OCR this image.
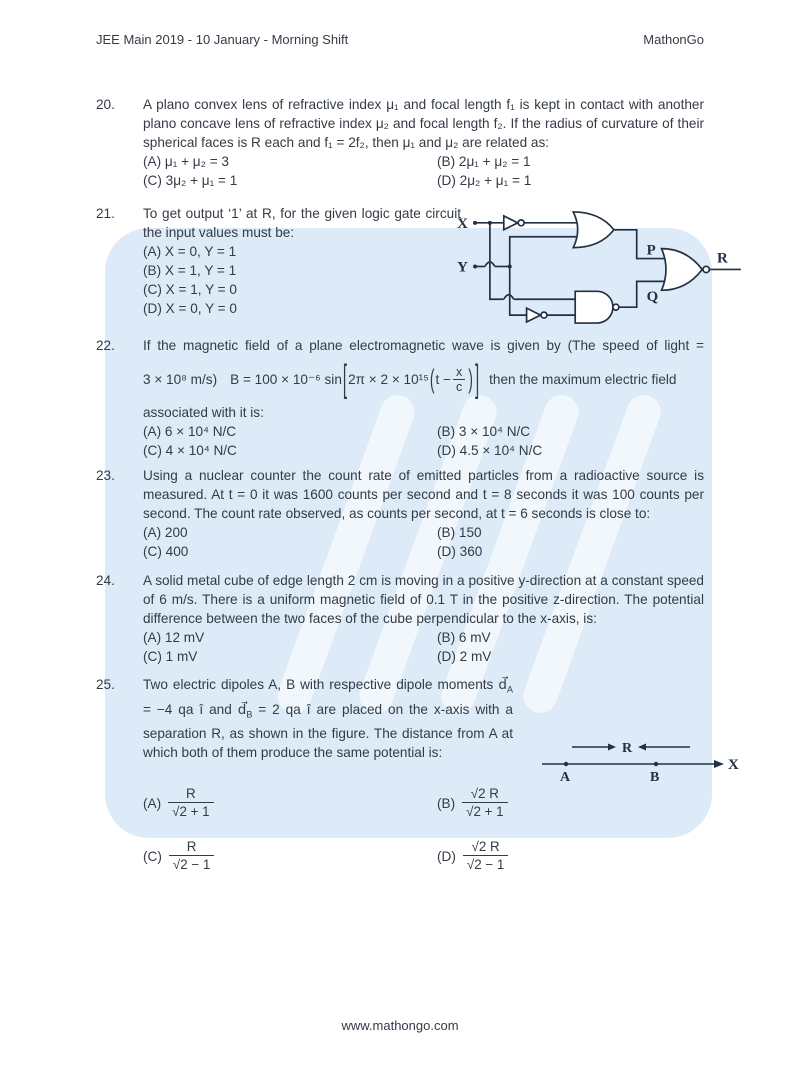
JEE Main 2019 - 10 January - Morning Shift	MathonGo
20.	A plano convex lens of refractive index μ₁ and focal length f₁ is kept in contact with another plano concave lens of refractive index μ₂ and focal length f₂. If the radius of curvature of their spherical faces is R each and f₁ = 2f₂, then μ₁ and μ₂ are related as:

(A) μ₁ + μ₂ = 3	(B) 2μ₁ + μ₂ = 1
(C) 3μ₂ + μ₁ = 1	(D) 2μ₂ + μ₁ = 1
21.	To get output ‘1’ at R, for the given logic gate circuit the input values must be:

(A) X = 0, Y = 1
(B) X = 1, Y = 1
(C) X = 1, Y = 0
(D) X = 0, Y = 0
X
Y
P
Q
R
22.	If the magnetic field of a plane electromagnetic wave is given by (The speed of light =

3 × 10⁸ m/s) B = 100 × 10⁻⁶ sin [ 2π × 2 × 10¹⁵ ( $t - \frac{x}{c}$ ) ] then the maximum electric field

associated with it is:

(A) 6 × 10⁴ N/C	(B) 3 × 10⁴ N/C
(C) 4 × 10⁴ N/C	(D) 4.5 × 10⁴ N/C
23.	Using a nuclear counter the count rate of emitted particles from a radioactive source is measured. At t = 0 it was 1600 counts per second and t = 8 seconds it was 100 counts per second. The count rate observed, as counts per second, at t = 6 seconds is close to:

(A) 200	(B) 150
(C) 400	(D) 360
24.	A solid metal cube of edge length 2 cm is moving in a positive y-direction at a constant speed of 6 m/s. There is a uniform magnetic field of 0.1 T in the positive z-direction. The potential difference between the two faces of the cube perpendicular to the x-axis, is:

(A) 12 mV	(B) 6 mV
(C) 1 mV	(D) 2 mV
25.	Two electric dipoles A, B with respective dipole moments $d⃗_A = -4$ qa î and $d⃗_B = 2$ qa î are placed on the x-axis with a separation R, as shown in the figure. The distance from A at which both of them produce the same potential is:

$(A) \frac{R}{√2 + 1}$	$(B) \frac{√2 R}{√2 + 1}$
$(C) \frac{R}{√2 - 1}$	$(D) \frac{√2 R}{√2 - 1}$
X
A	B
R
www.mathongo.com
